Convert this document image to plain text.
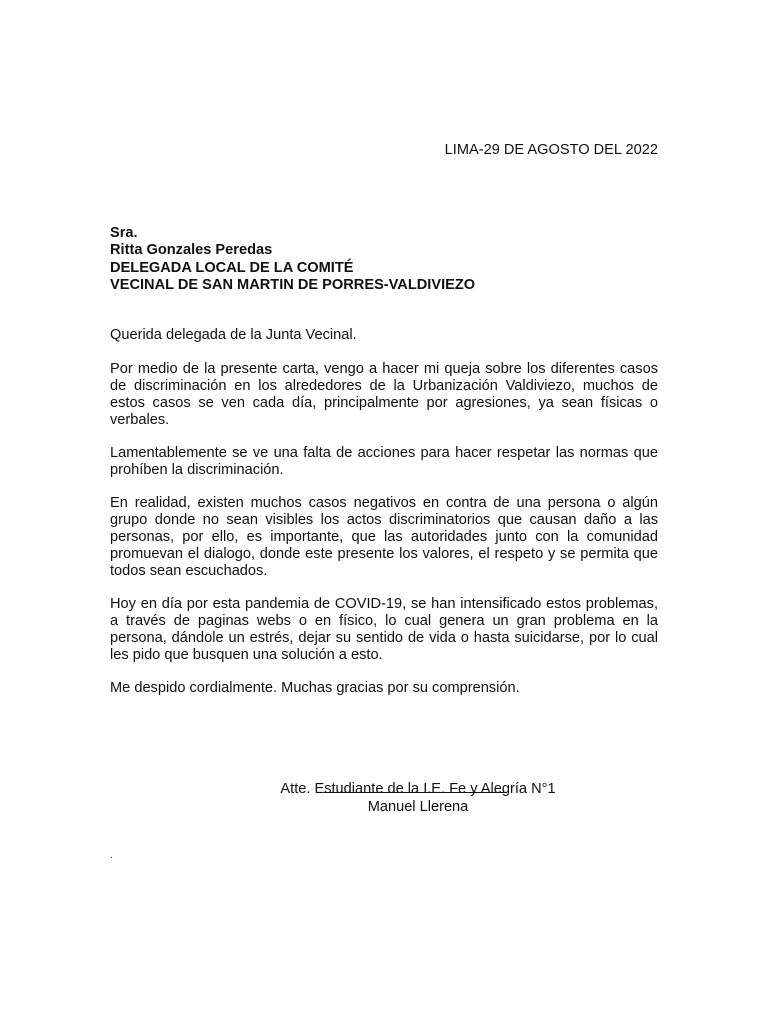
LIMA-29 DE AGOSTO DEL 2022
Sra.
Ritta Gonzales Peredas
DELEGADA LOCAL DE LA COMITÉ
VECINAL DE SAN MARTIN DE PORRES-VALDIVIEZO

Querida delegada de la Junta Vecinal.

Por medio de la presente carta, vengo a hacer mi queja sobre los diferentes casos de discriminación en los alrededores de la Urbanización Valdiviezo, muchos de estos casos se ven cada día, principalmente por agresiones, ya sean físicas o verbales.

Lamentablemente se ve una falta de acciones para hacer respetar las normas que prohíben la discriminación.

En realidad, existen muchos casos negativos en contra de una persona o algún grupo donde no sean visibles los actos discriminatorios que causan daño a las personas, por ello, es importante, que las autoridades junto con la comunidad promuevan el dialogo, donde este presente los valores, el respeto y se permita que todos sean escuchados.

Hoy en día por esta pandemia de COVID-19, se han intensificado estos problemas, a través de paginas webs o en físico, lo cual genera un gran problema en la persona, dándole un estrés, dejar su sentido de vida o hasta suicidarse, por lo cual les pido que busquen una solución a esto.

Me despido cordialmente. Muchas gracias por su comprensión.

Atte. Estudiante de la I.E. Fe y Alegría N°1
Manuel Llerena
.
